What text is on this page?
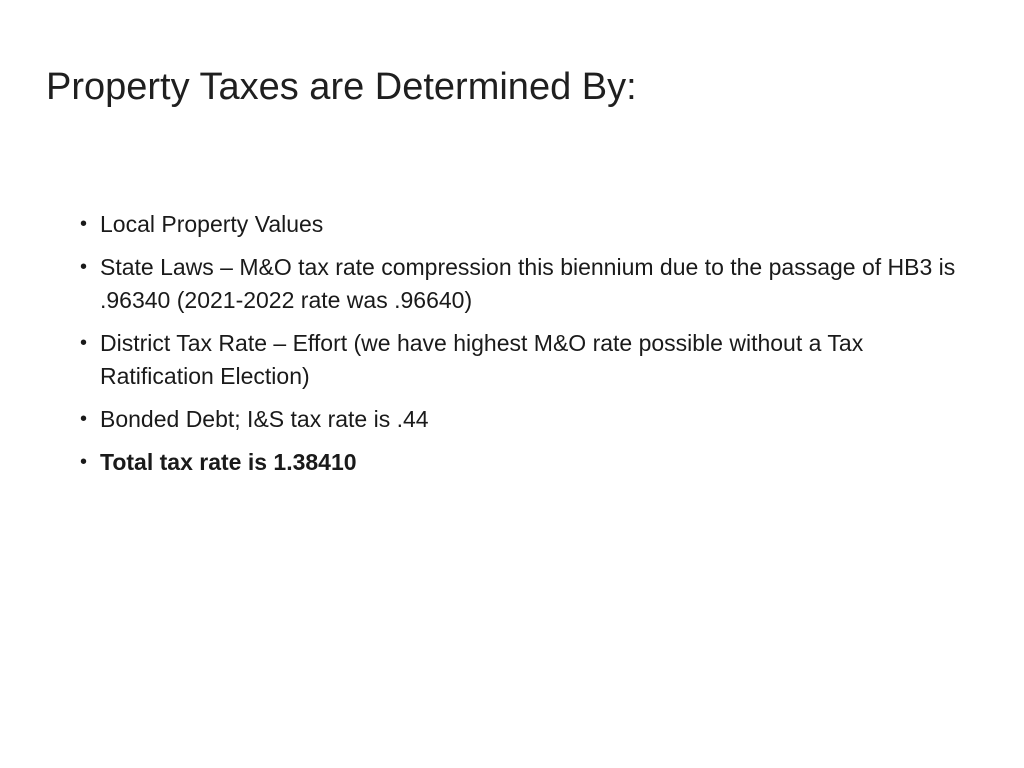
Property Taxes are Determined By:
• Local Property Values
• State Laws – M&O tax rate compression this biennium due to the passage of HB3 is .96340 (2021-2022 rate was .96640)
• District Tax Rate – Effort (we have highest M&O rate possible without a Tax Ratification Election)
• Bonded Debt; I&S tax rate is .44
• Total tax rate is 1.38410
